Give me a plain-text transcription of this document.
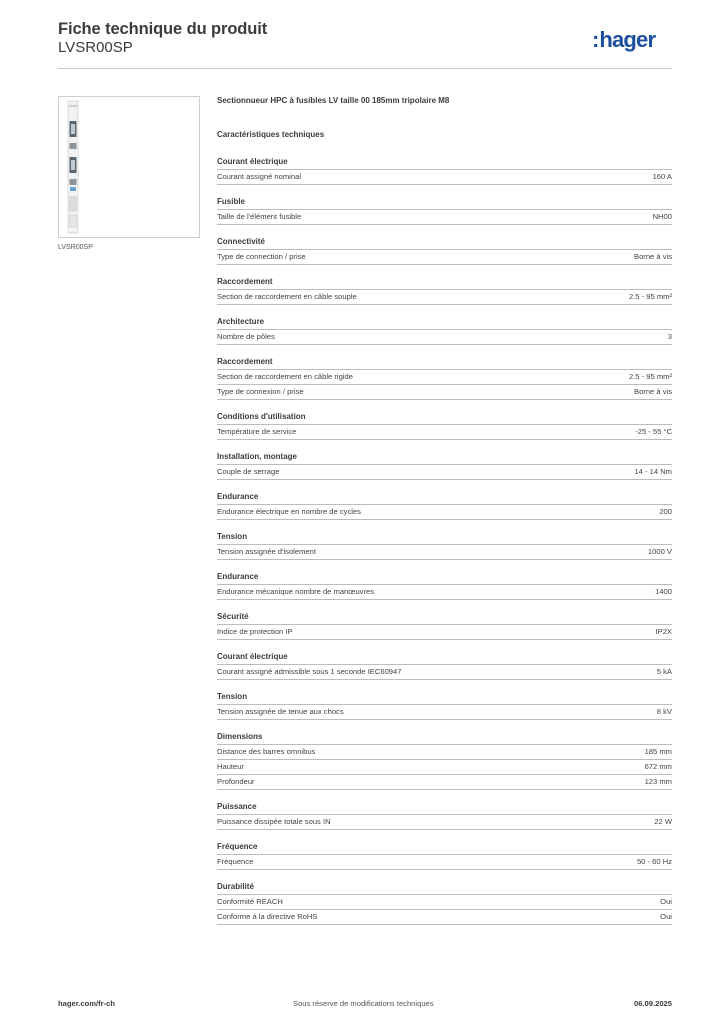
Fiche technique du produit
LVSR00SP	:hager
LVSR00SP
Sectionnueur HPC à fusibles LV taille 00 185mm tripolaire M8
Caractéristiques techniques
Courant électrique
Courant assigné nominal	160 A
Fusible
Taille de l'élément fusible	NH00
Connectivité
Type de connection / prise	Borne à vis
Raccordement
Section de raccordement en câble souple	2.5 - 95 mm²
Architecture
Nombre de pôles	3
Raccordement
Section de raccordement en câble rigide	2.5 - 95 mm²
Type de connexion / prise	Borne à vis
Conditions d'utilisation
Température de service	-25 - 55 °C
Installation, montage
Couple de serrage	14 - 14 Nm
Endurance
Endurance électrique en nombre de cycles	200
Tension
Tension assignée d'isolement	1000 V
Endurance
Endurance mécanique nombre de manœuvres	1400
Sécurité
Indice de protection IP	IP2X
Courant électrique
Courant assigné admissible sous 1 seconde IEC60947	5 kA
Tension
Tension assignée de tenue aux chocs	8 kV
Dimensions
Distance des barres omnibus	185 mm
Hauteur	672 mm
Profondeur	123 mm
Puissance
Puissance dissipée totale sous IN	22 W
Fréquence
Fréquence	50 - 60 Hz
Durabilité
Conformité REACH	Oui
Conforme à la directive RoHS	Oui
hager.com/fr-ch	Sous réserve de modifications techniques	06.09.2025
